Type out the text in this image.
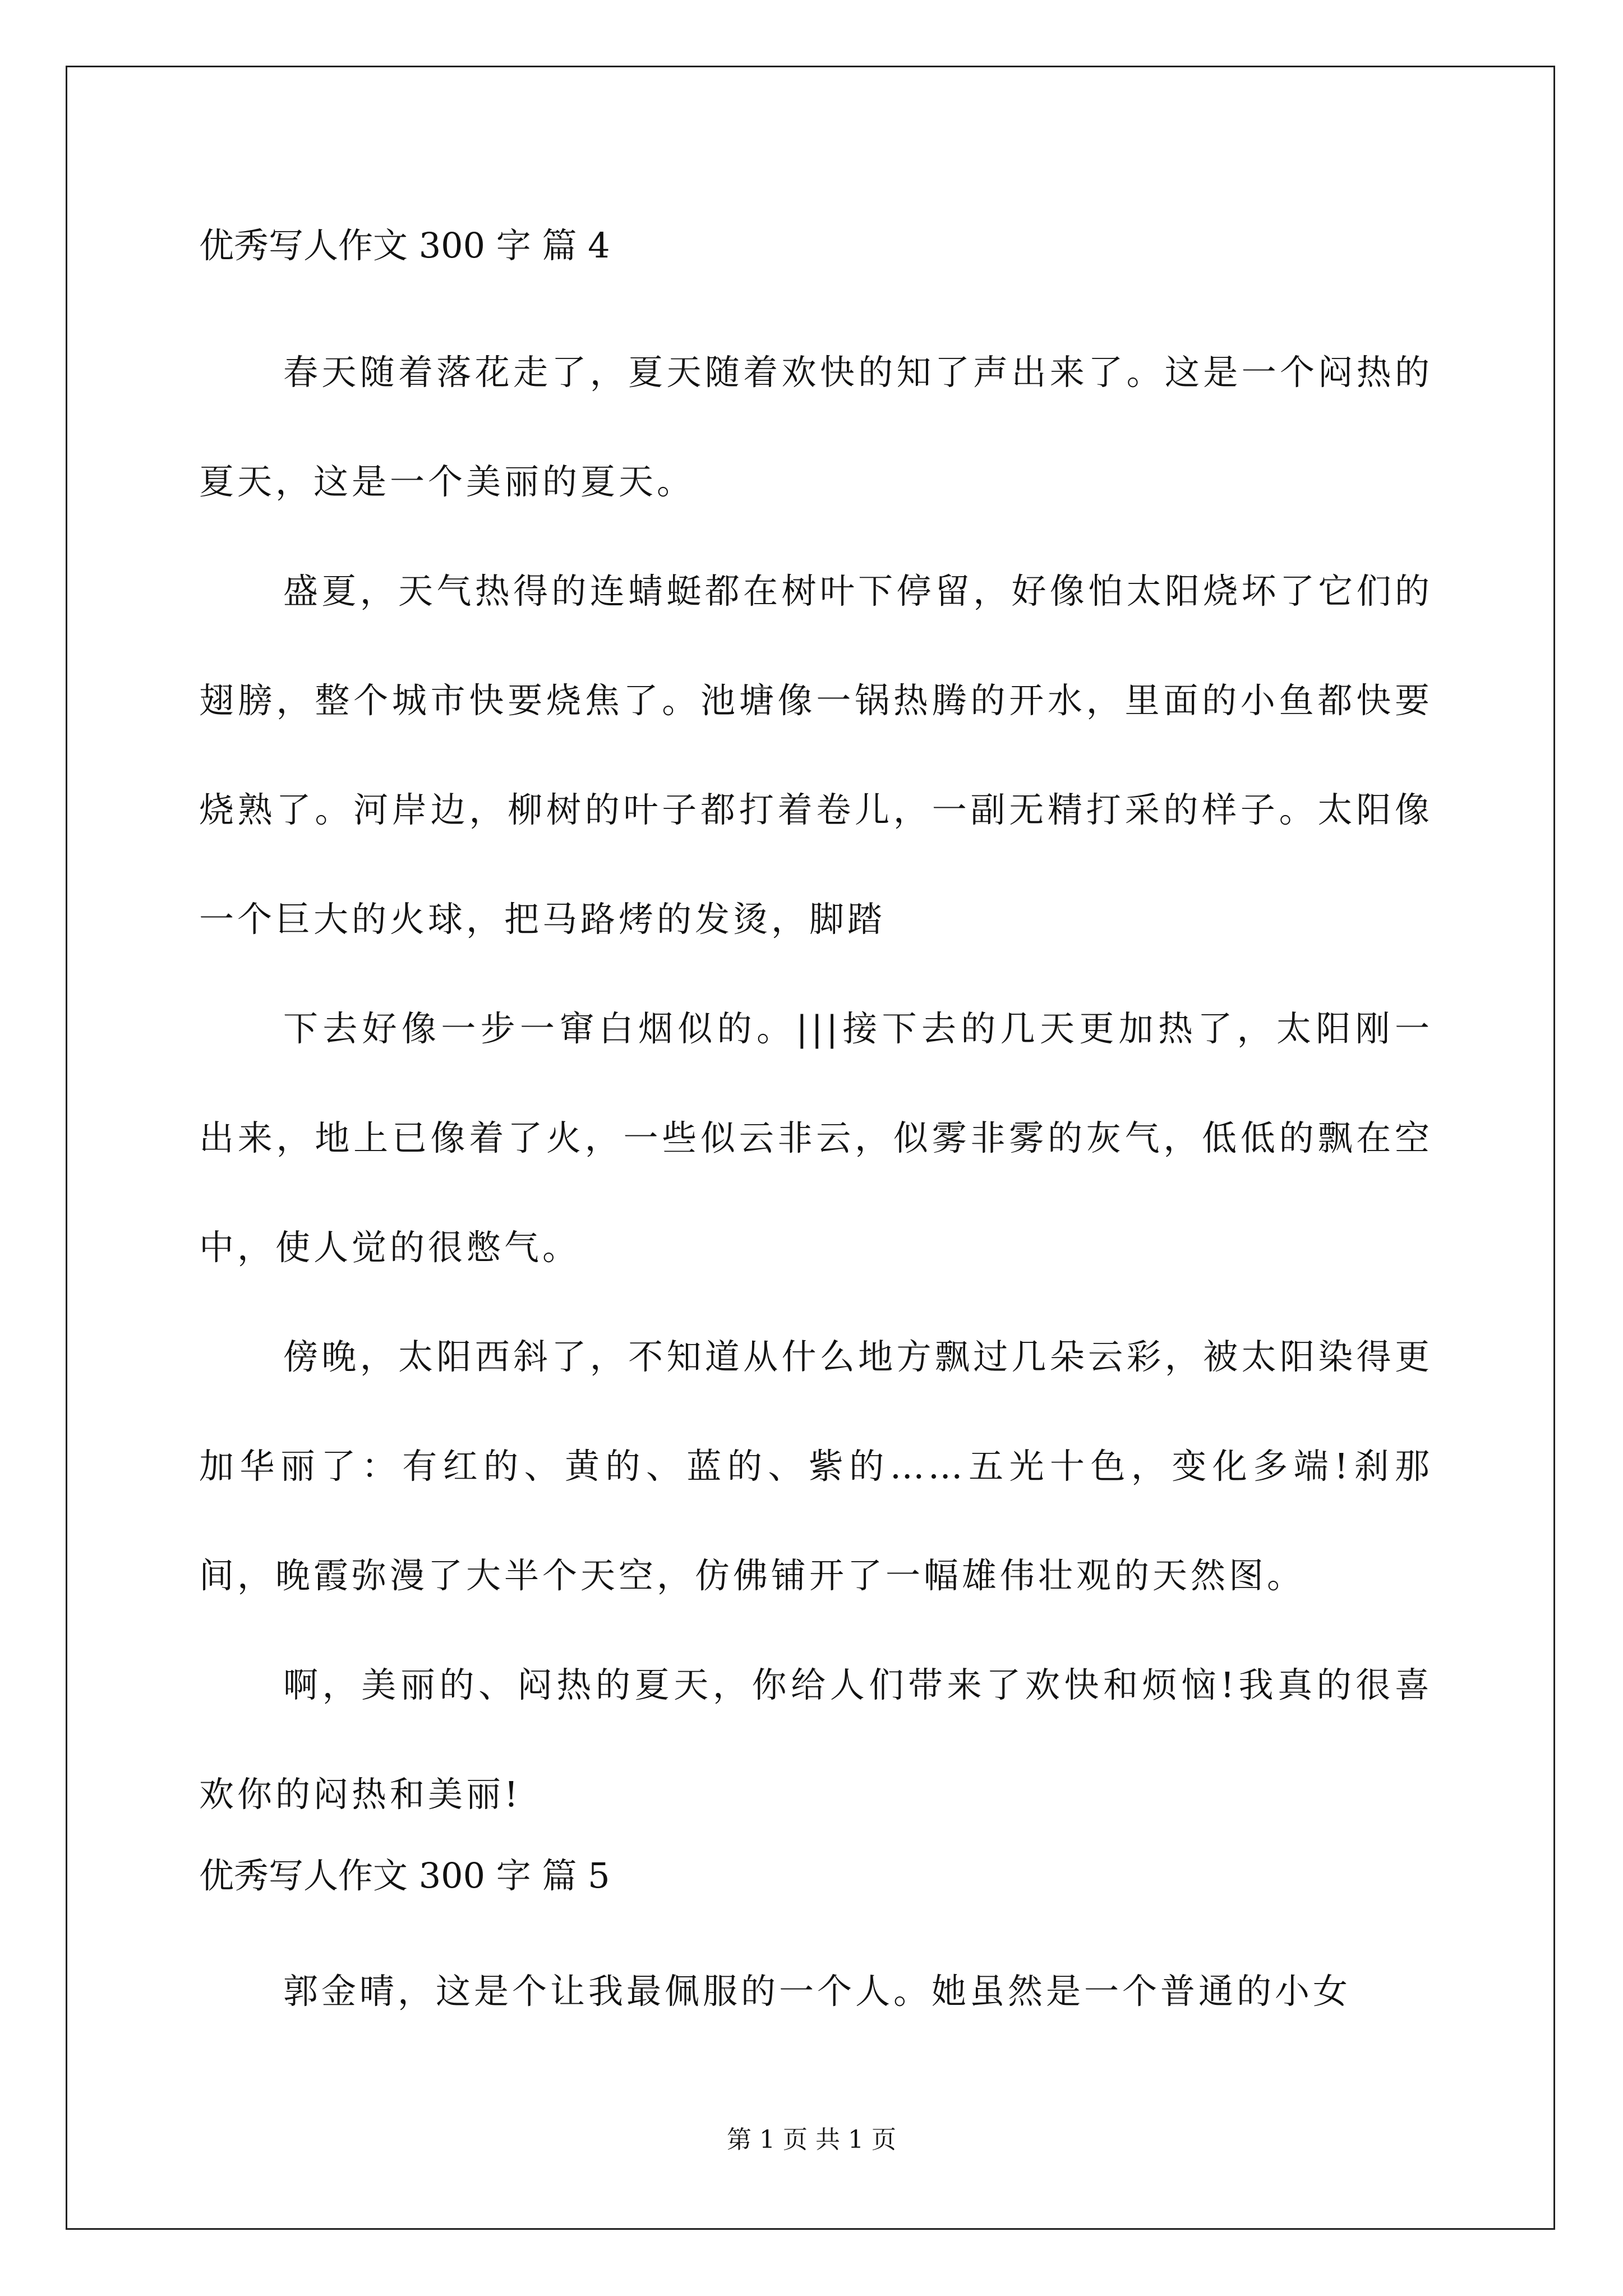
优秀写人作文 300 字 篇 4

春天随着落花走了，夏天随着欢快的知了声出来了。这是一个闷热的夏天，这是一个美丽的夏天。

盛夏，天气热得的连蜻蜓都在树叶下停留，好像怕太阳烧坏了它们的翅膀，整个城市快要烧焦了。池塘像一锅热腾的开水，里面的小鱼都快要烧熟了。河岸边，柳树的叶子都打着卷儿，一副无精打采的样子。太阳像一个巨大的火球，把马路烤的发烫，脚踏

下去好像一步一窜白烟似的。|||接下去的几天更加热了，太阳刚一出来，地上已像着了火，一些似云非云，似雾非雾的灰气，低低的飘在空中，使人觉的很憋气。

傍晚，太阳西斜了，不知道从什么地方飘过几朵云彩，被太阳染得更加华丽了：有红的、黄的、蓝的、紫的……五光十色，变化多端!刹那间，晚霞弥漫了大半个天空，仿佛铺开了一幅雄伟壮观的天然图。

啊，美丽的、闷热的夏天，你给人们带来了欢快和烦恼!我真的很喜欢你的闷热和美丽!

优秀写人作文 300 字 篇 5

郭金晴，这是个让我最佩服的一个人。她虽然是一个普通的小女

第 1 页 共 1 页
